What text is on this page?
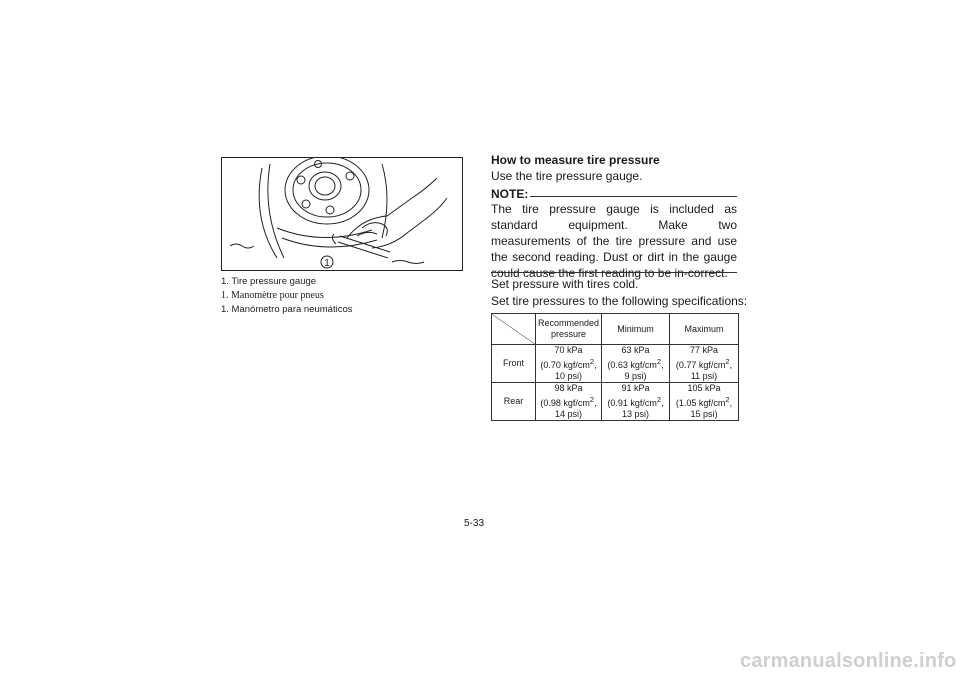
1
1. Tire pressure gauge
1. Manomètre pour pneus
1. Manómetro para neumáticos
How to measure tire pressure
Use the tire pressure gauge.
NOTE:
The tire pressure gauge is included as standard equipment. Make two measurements of the tire pressure and use the second reading. Dust or dirt in the gauge could cause the first reading to be in-correct.
Set pressure with tires cold.
Set tire pressures to the following specifications:
	Recommended pressure	Minimum	Maximum
Front	70 kPa
(0.70 kgf/$cm^2$,
10 psi)	63 kPa
(0.63 kgf/$cm^2$,
9 psi)	77 kPa
(0.77 kgf/$cm^2$,
11 psi)
Rear	98 kPa
(0.98 kgf/$cm^2$,
14 psi)	91 kPa
(0.91 kgf/$cm^2$,
13 psi)	105 kPa
(1.05 kgf/$cm^2$,
15 psi)
5-33
carmanualsonline.info
